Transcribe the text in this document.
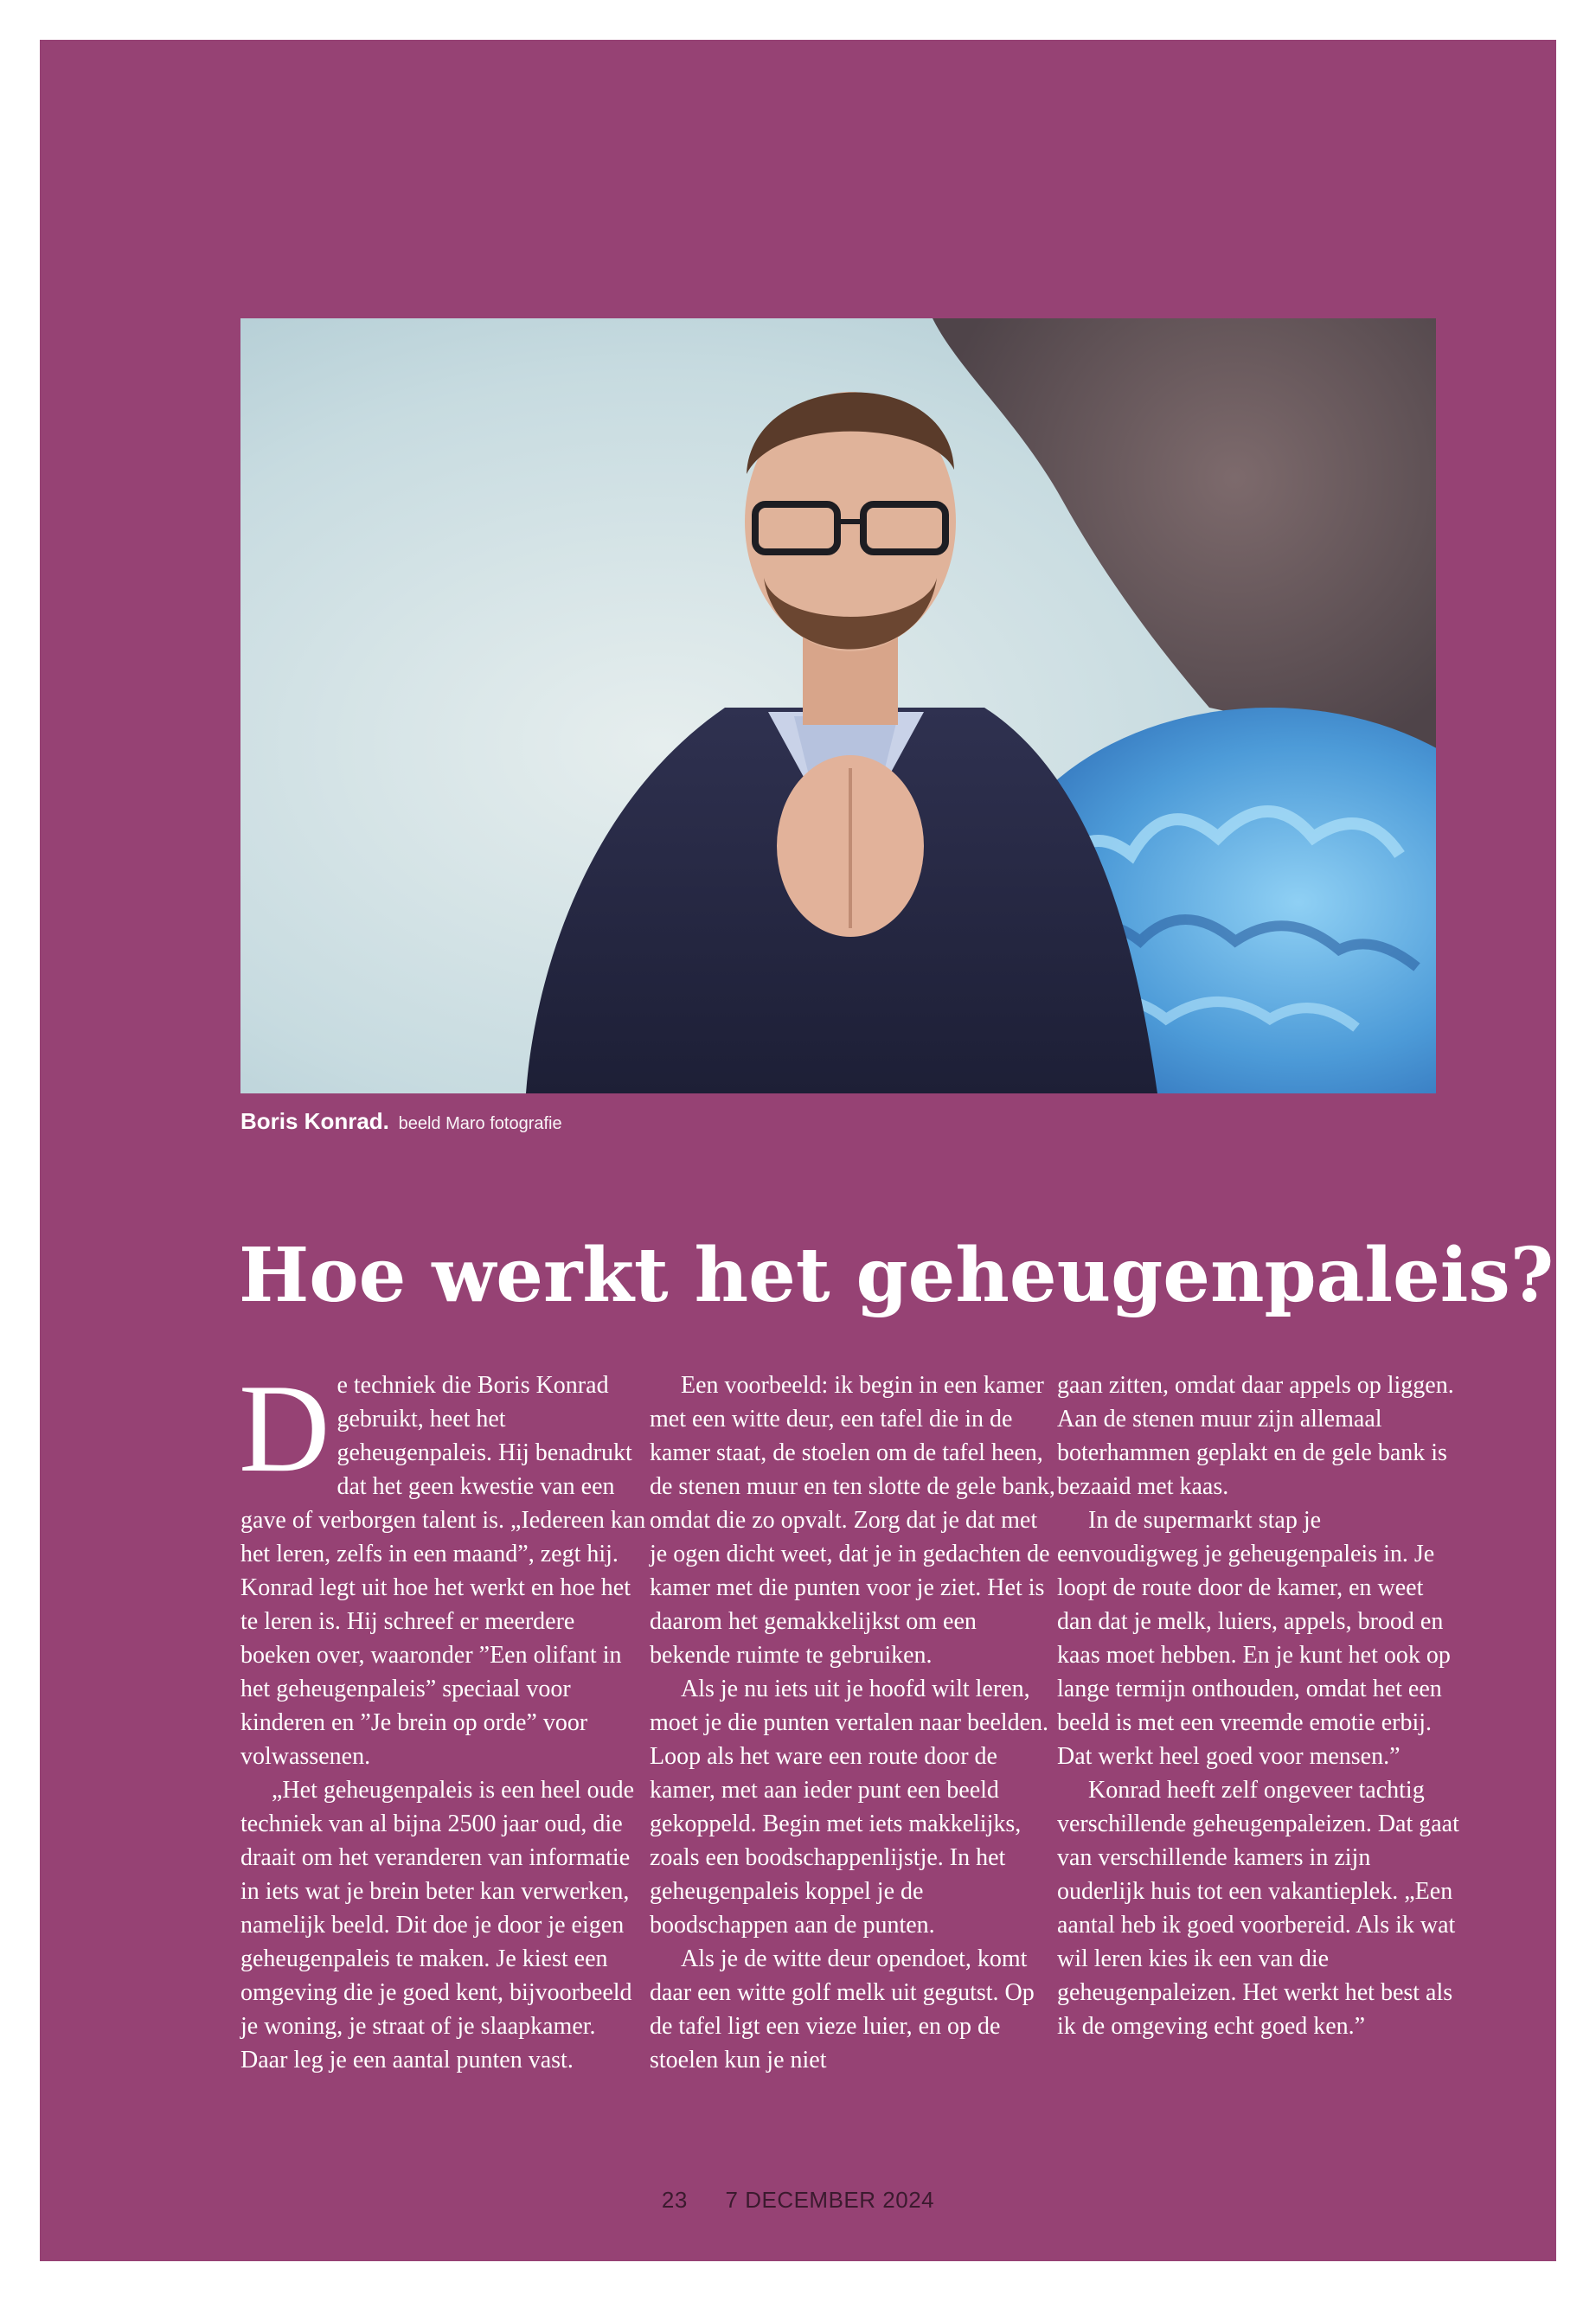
Boris Konrad. beeld Maro fotografie
Hoe werkt het geheugenpaleis?

De techniek die Boris Konrad gebruikt, heet het geheugenpaleis. Hij benadrukt dat het geen kwestie van een gave of verborgen talent is. „Iedereen kan het leren, zelfs in een maand”, zegt hij. Konrad legt uit hoe het werkt en hoe het te leren is. Hij schreef er meerdere boeken over, waaronder ”Een olifant in het geheugenpaleis” speciaal voor kinderen en ”Je brein op orde” voor volwassenen.

„Het geheugenpaleis is een heel oude techniek van al bijna 2500 jaar oud, die draait om het veranderen van informatie in iets wat je brein beter kan verwerken, namelijk beeld. Dit doe je door je eigen geheugenpaleis te maken. Je kiest een omgeving die je goed kent, bijvoorbeeld je woning, je straat of je slaapkamer. Daar leg je een aantal punten vast.

Een voorbeeld: ik begin in een kamer met een witte deur, een tafel die in de kamer staat, de stoelen om de tafel heen, de stenen muur en ten slotte de gele bank, omdat die zo opvalt. Zorg dat je dat met je ogen dicht weet, dat je in gedachten de kamer met die punten voor je ziet. Het is daarom het gemakkelijkst om een bekende ruimte te gebruiken.

Als je nu iets uit je hoofd wilt leren, moet je die punten vertalen naar beelden. Loop als het ware een route door de kamer, met aan ieder punt een beeld gekoppeld. Begin met iets makkelijks, zoals een boodschappenlijstje. In het geheugenpaleis koppel je de boodschappen aan de punten.

Als je de witte deur opendoet, komt daar een witte golf melk uit gegutst. Op de tafel ligt een vieze luier, en op de stoelen kun je niet

gaan zitten, omdat daar appels op liggen. Aan de stenen muur zijn allemaal boterhammen geplakt en de gele bank is bezaaid met kaas.

In de supermarkt stap je eenvoudigweg je geheugenpaleis in. Je loopt de route door de kamer, en weet dan dat je melk, luiers, appels, brood en kaas moet hebben. En je kunt het ook op lange termijn onthouden, omdat het een beeld is met een vreemde emotie erbij. Dat werkt heel goed voor mensen.”

Konrad heeft zelf ongeveer tachtig verschillende geheugenpaleizen. Dat gaat van verschillende kamers in zijn ouderlijk huis tot een vakantieplek. „Een aantal heb ik goed voorbereid. Als ik wat wil leren kies ik een van die geheugenpaleizen. Het werkt het best als ik de omgeving echt goed ken.”

23 7 DECEMBER 2024
